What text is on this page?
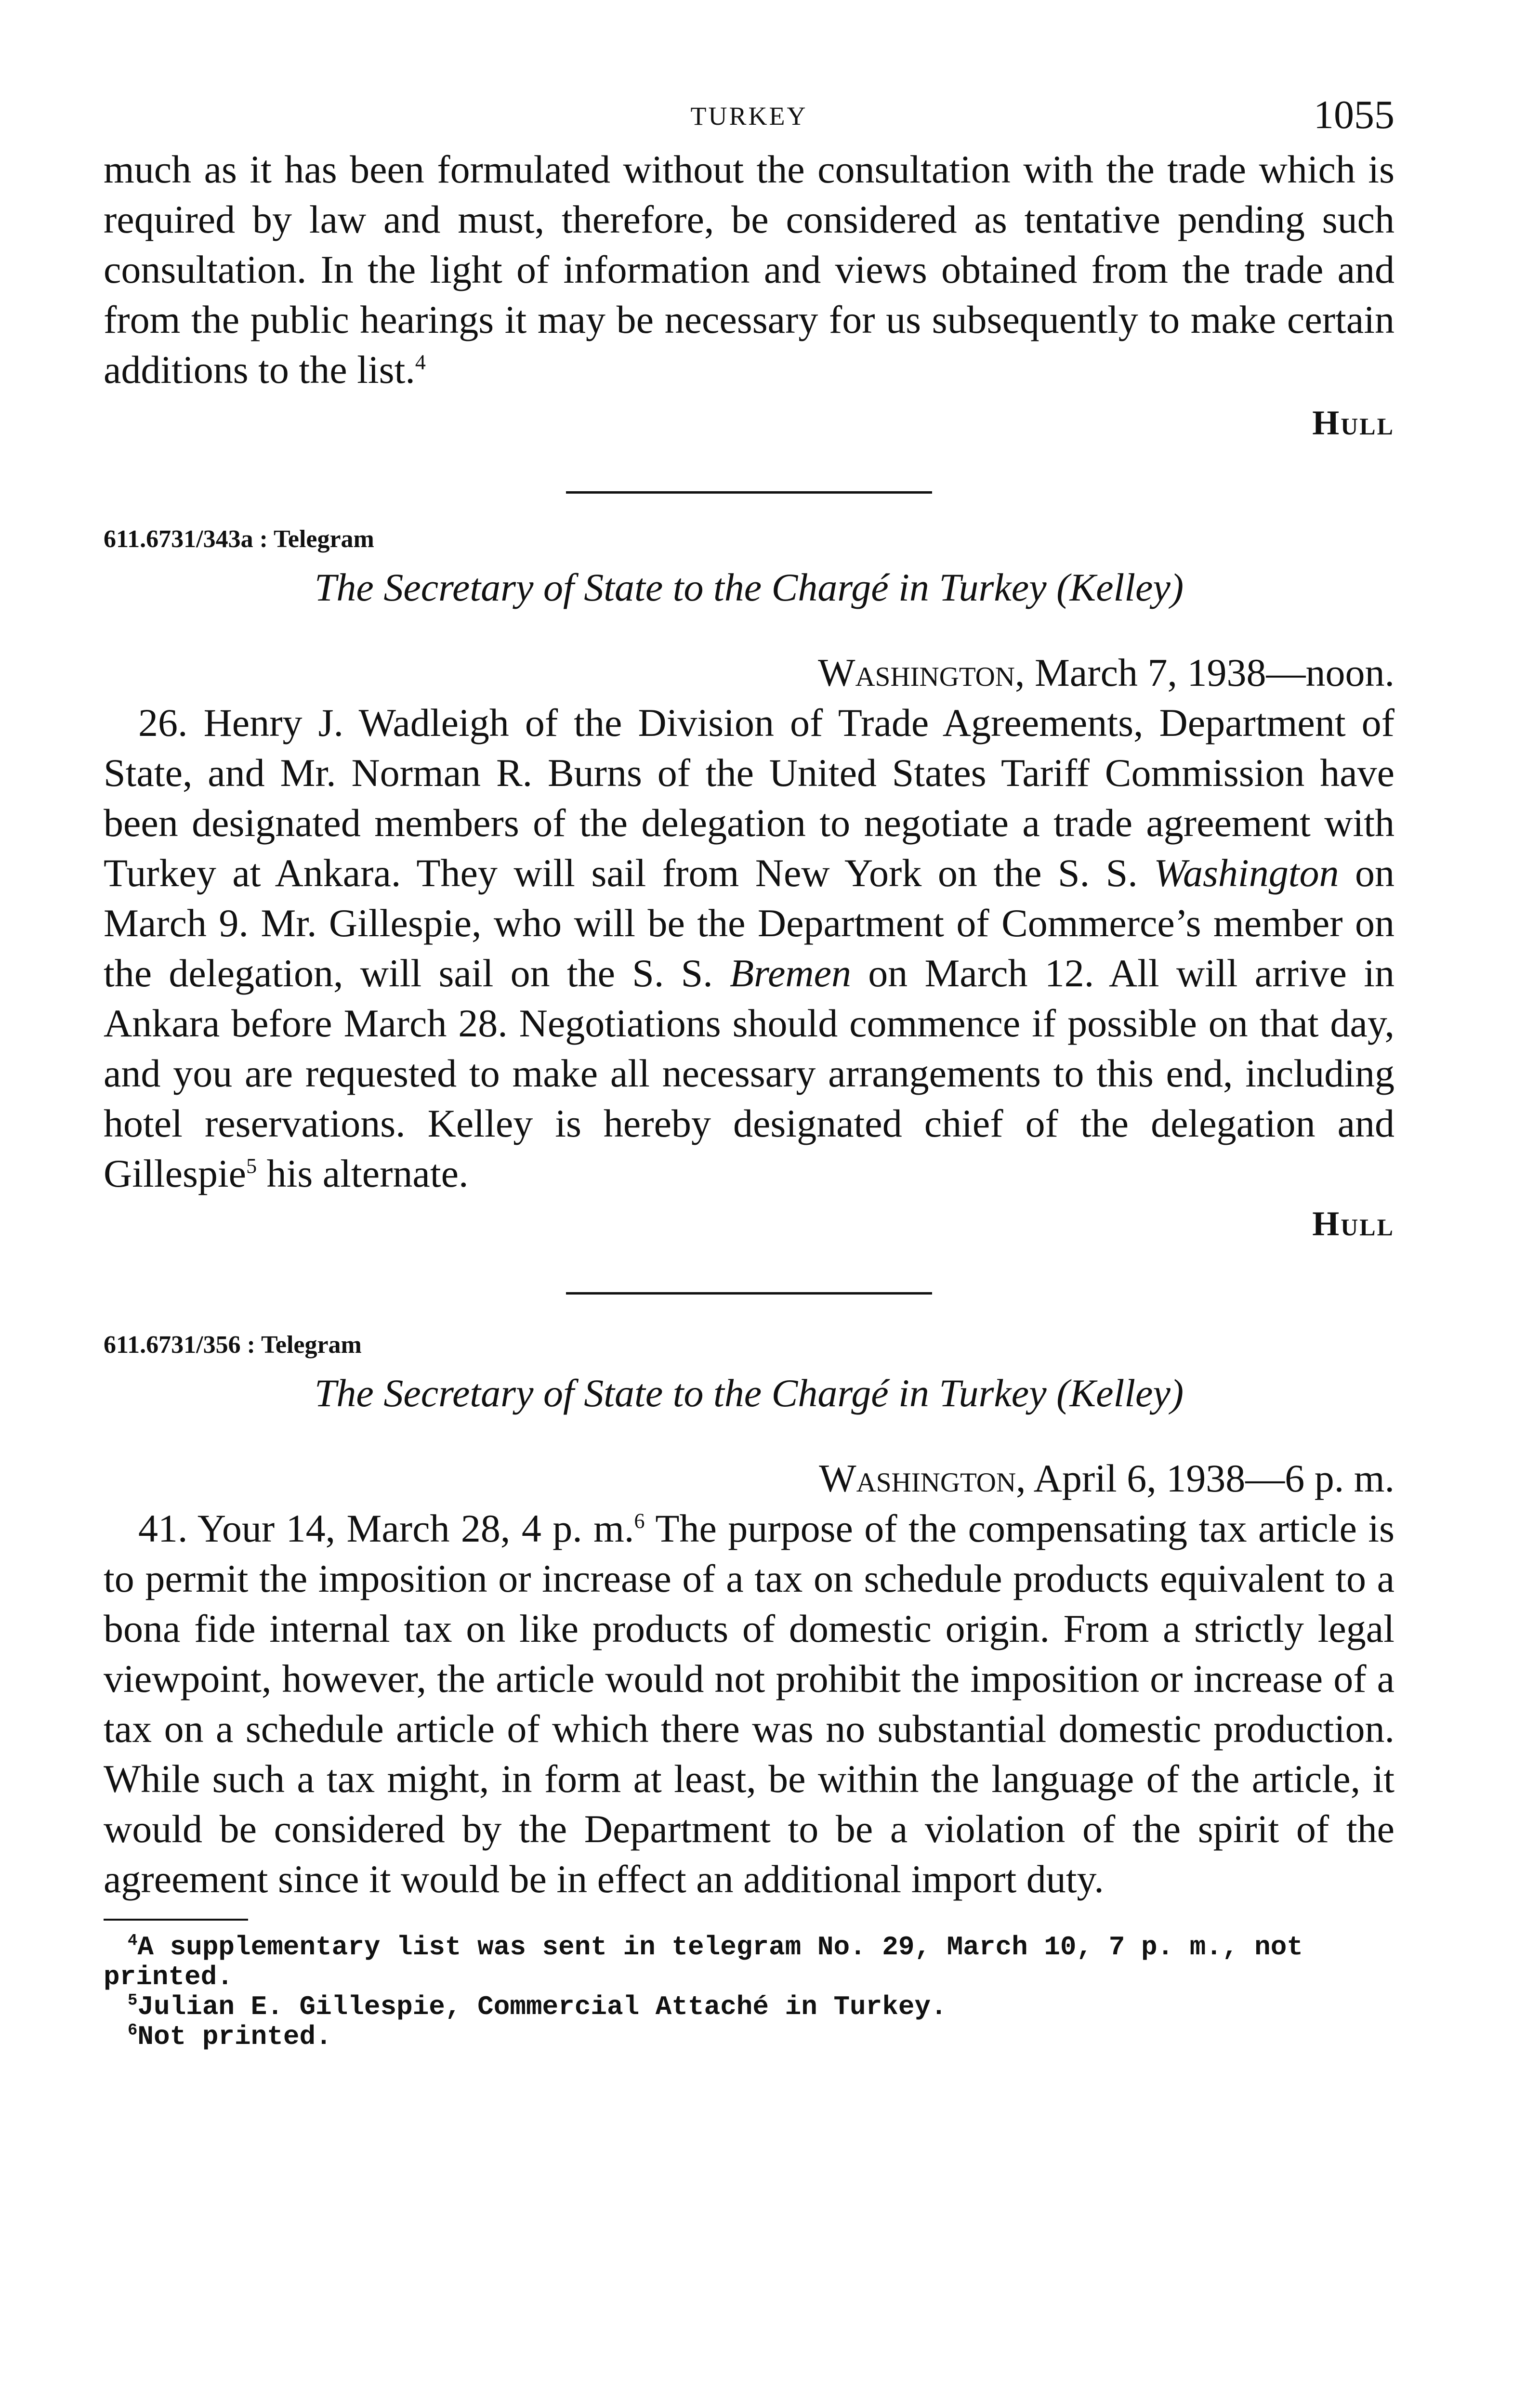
TURKEY	1055

much as it has been formulated without the consultation with the trade which is required by law and must, therefore, be considered as tentative pending such consultation. In the light of information and views obtained from the trade and from the public hearings it may be necessary for us subsequently to make certain additions to the list.$^4$

Hull

611.6731/343a : Telegram

The Secretary of State to the Chargé in Turkey (Kelley)

Washington, March 7, 1938—noon.

26. Henry J. Wadleigh of the Division of Trade Agreements, Department of State, and Mr. Norman R. Burns of the United States Tariff Commission have been designated members of the delegation to negotiate a trade agreement with Turkey at Ankara. They will sail from New York on the S. S. Washington on March 9. Mr. Gillespie, who will be the Department of Commerce’s member on the delegation, will sail on the S. S. Bremen on March 12. All will arrive in Ankara before March 28. Negotiations should commence if possible on that day, and you are requested to make all necessary arrangements to this end, including hotel reservations. Kelley is hereby designated chief of the delegation and Gillespie$^5$ his alternate.

Hull

611.6731/356 : Telegram

The Secretary of State to the Chargé in Turkey (Kelley)

Washington, April 6, 1938—6 p. m.

41. Your 14, March 28, 4 p. m.$^6$ The purpose of the compensating tax article is to permit the imposition or increase of a tax on schedule products equivalent to a bona fide internal tax on like products of domestic origin. From a strictly legal viewpoint, however, the article would not prohibit the imposition or increase of a tax on a schedule article of which there was no substantial domestic production. While such a tax might, in form at least, be within the language of the article, it would be considered by the Department to be a violation of the spirit of the agreement since it would be in effect an additional import duty.

$^4$A supplementary list was sent in telegram No. 29, March 10, 7 p. m., not printed.

$^5$Julian E. Gillespie, Commercial Attaché in Turkey.

$^6$Not printed.
